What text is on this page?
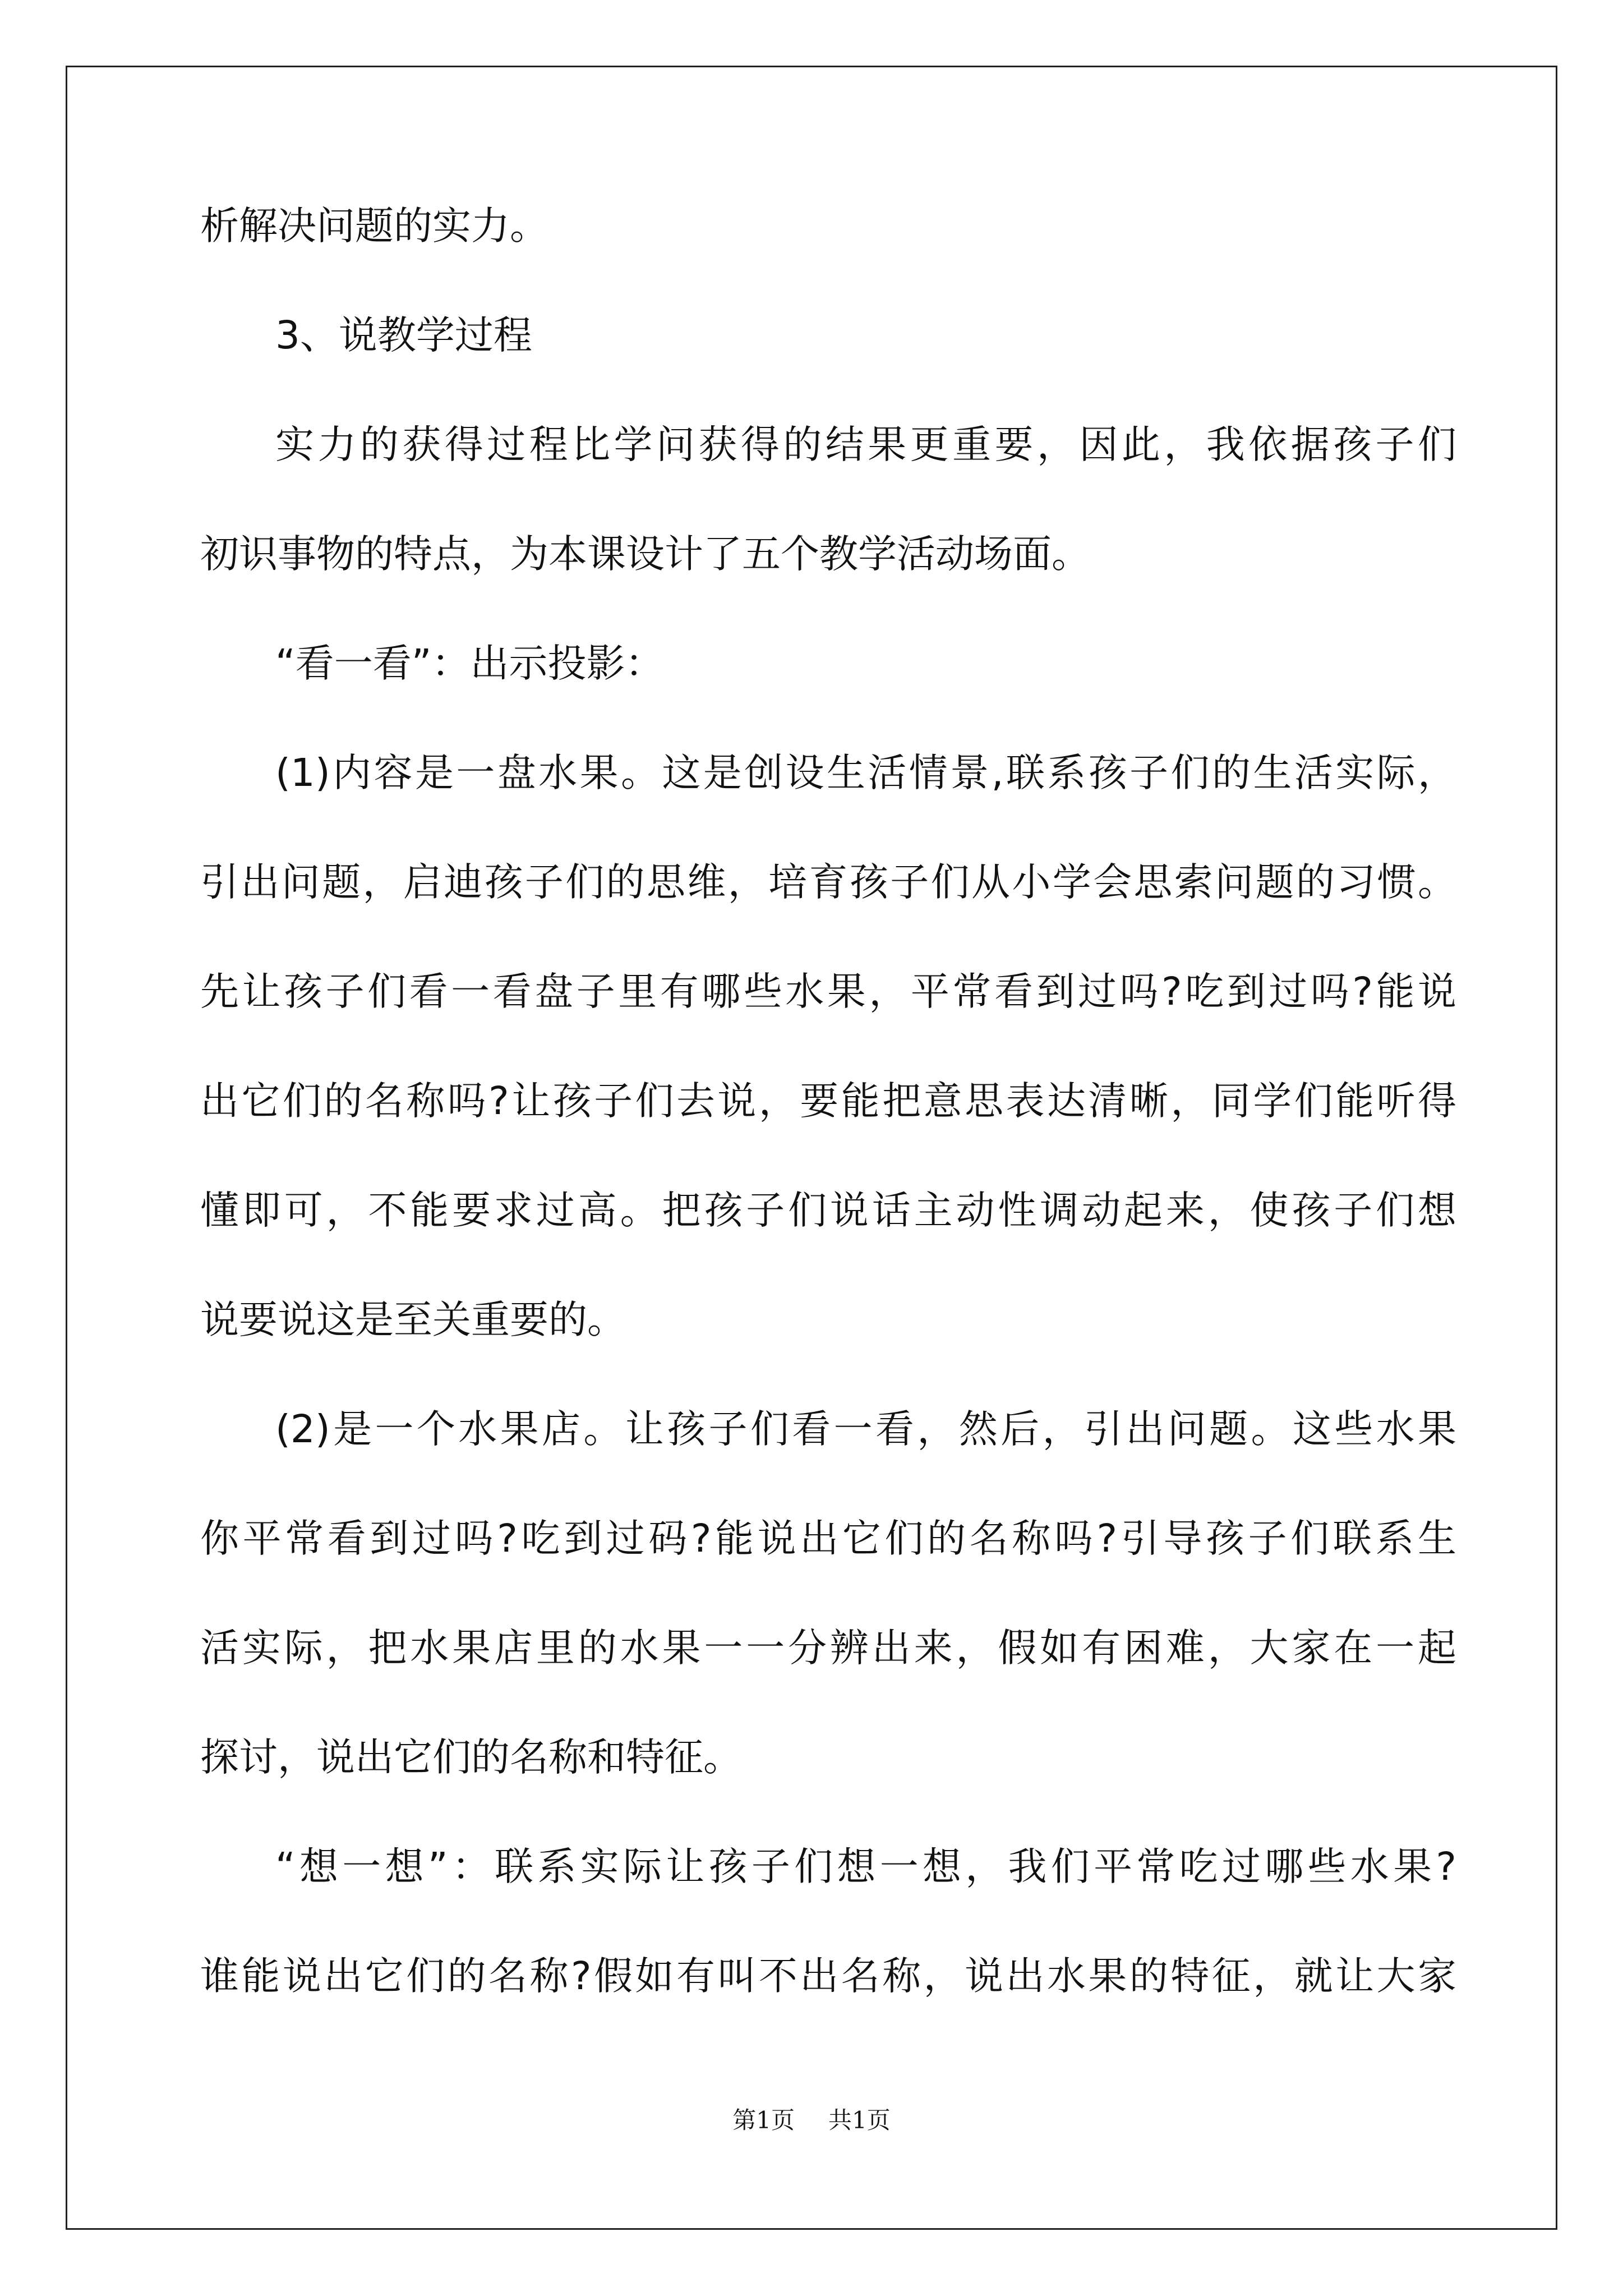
析解决问题的实力。
3、说教学过程
实力的获得过程比学问获得的结果更重要，因此，我依据孩子们
初识事物的特点，为本课设计了五个教学活动场面。
“看一看”：出示投影：
(1)内容是一盘水果。这是创设生活情景,联系孩子们的生活实际，
引出问题，启迪孩子们的思维，培育孩子们从小学会思索问题的习惯。
先让孩子们看一看盘子里有哪些水果，平常看到过吗?吃到过吗?能说
出它们的名称吗?让孩子们去说，要能把意思表达清晰，同学们能听得
懂即可，不能要求过高。把孩子们说话主动性调动起来，使孩子们想
说要说这是至关重要的。
(2)是一个水果店。让孩子们看一看，然后，引出问题。这些水果
你平常看到过吗?吃到过码?能说出它们的名称吗?引导孩子们联系生
活实际，把水果店里的水果一一分辨出来，假如有困难，大家在一起
探讨，说出它们的名称和特征。
“想一想”：联系实际让孩子们想一想，我们平常吃过哪些水果?
谁能说出它们的名称?假如有叫不出名称，说出水果的特征，就让大家
第1页 共1页
